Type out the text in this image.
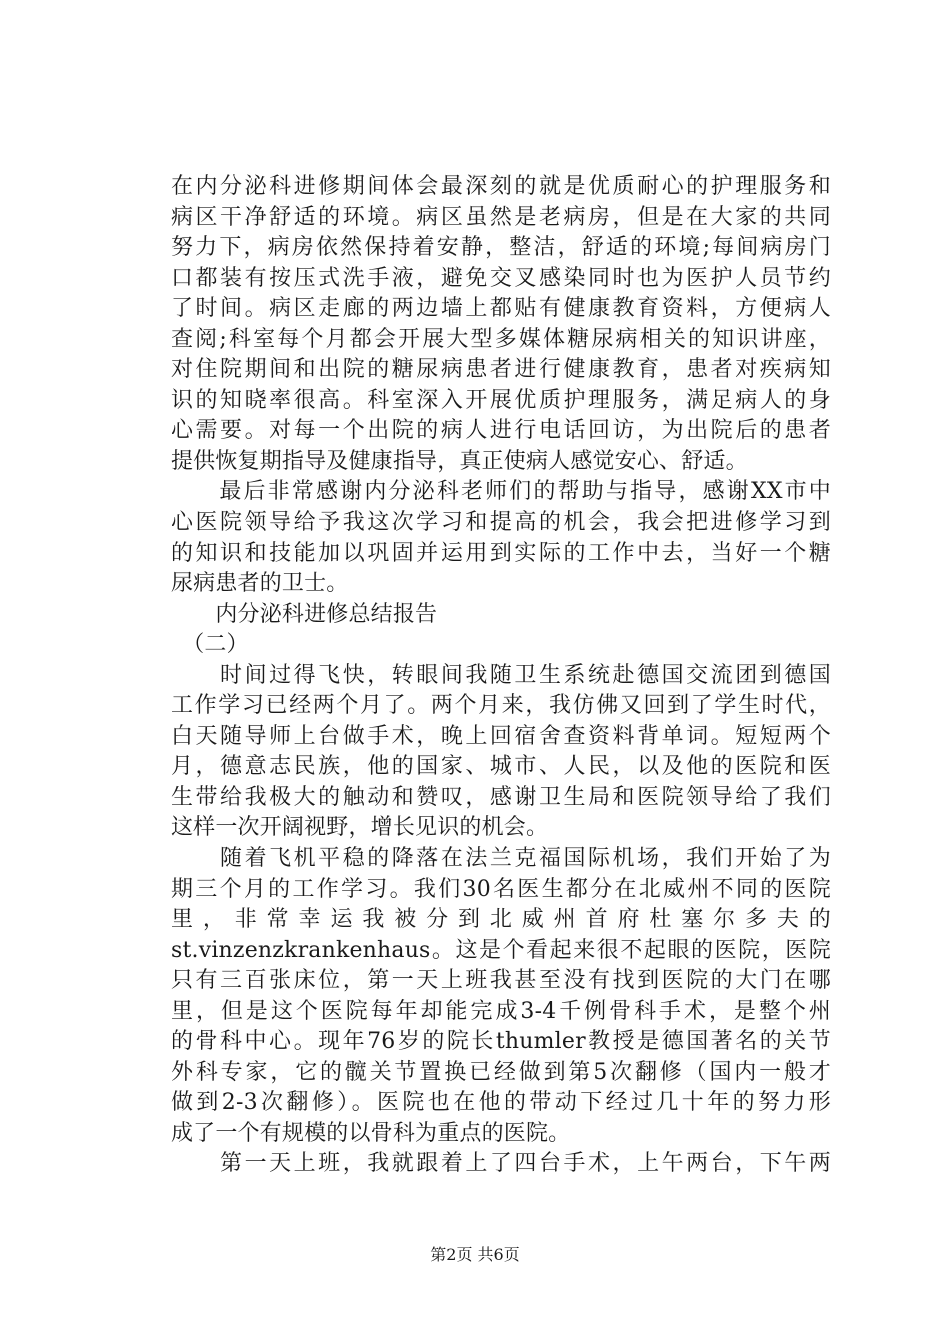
在内分泌科进修期间体会最深刻的就是优质耐心的护理服务和
病区干净舒适的环境。病区虽然是老病房，但是在大家的共同
努力下，病房依然保持着安静，整洁，舒适的环境;每间病房门
口都装有按压式洗手液，避免交叉感染同时也为医护人员节约
了时间。病区走廊的两边墙上都贴有健康教育资料，方便病人
查阅;科室每个月都会开展大型多媒体糖尿病相关的知识讲座，
对住院期间和出院的糖尿病患者进行健康教育，患者对疾病知
识的知晓率很高。科室深入开展优质护理服务，满足病人的身
心需要。对每一个出院的病人进行电话回访，为出院后的患者
提供恢复期指导及健康指导，真正使病人感觉安心、舒适。
　　最后非常感谢内分泌科老师们的帮助与指导，感谢XX市中
心医院领导给予我这次学习和提高的机会，我会把进修学习到
的知识和技能加以巩固并运用到实际的工作中去，当好一个糖
尿病患者的卫士。
　　内分泌科进修总结报告
　（二）
　　时间过得飞快，转眼间我随卫生系统赴德国交流团到德国
工作学习已经两个月了。两个月来，我仿佛又回到了学生时代，
白天随导师上台做手术，晚上回宿舍查资料背单词。短短两个
月，德意志民族，他的国家、城市、人民，以及他的医院和医
生带给我极大的触动和赞叹，感谢卫生局和医院领导给了我们
这样一次开阔视野，增长见识的机会。
　　随着飞机平稳的降落在法兰克福国际机场，我们开始了为
期三个月的工作学习。我们30名医生都分在北威州不同的医院
里，非常幸运我被分到北威州首府杜塞尔多夫的
st.vinzenzkrankenhaus。这是个看起来很不起眼的医院，医院
只有三百张床位，第一天上班我甚至没有找到医院的大门在哪
里，但是这个医院每年却能完成3-4千例骨科手术，是整个州
的骨科中心。现年76岁的院长thumler教授是德国著名的关节
外科专家，它的髋关节置换已经做到第5次翻修（国内一般才
做到2-3次翻修）。医院也在他的带动下经过几十年的努力形
成了一个有规模的以骨科为重点的医院。
　　第一天上班，我就跟着上了四台手术，上午两台，下午两
第2页 共6页
